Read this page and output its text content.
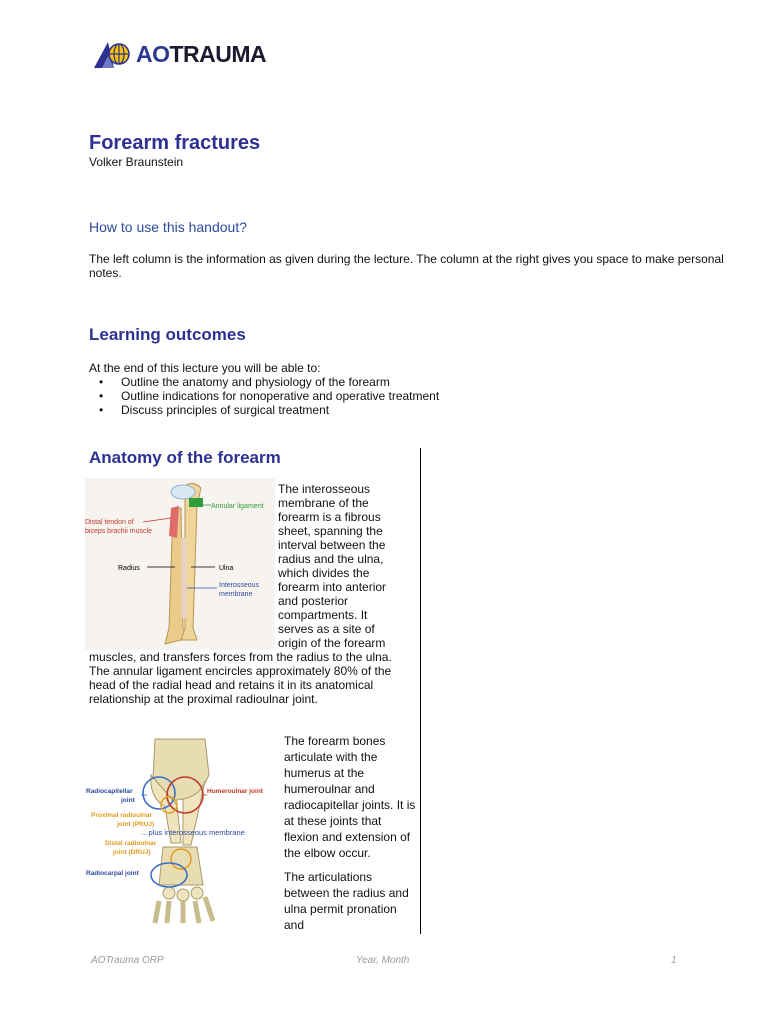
AOTRAUMA
Forearm fractures
Volker Braunstein
How to use this handout?
The left column is the information as given during the lecture. The column at the right gives you space to make personal notes.
Learning outcomes
At the end of this lecture you will be able to:
• Outline the anatomy and physiology of the forearm
• Outline indications for nonoperative and operative treatment
• Discuss principles of surgical treatment
Anatomy of the forearm
Annular ligament
Distal tendon of
biceps brachii muscle
Radius	Ulna
Interosseous
membrane
The interosseous membrane of the forearm is a fibrous sheet, spanning the interval between the radius and the ulna, which divides the forearm into anterior and posterior compartments. It serves as a site of origin of the forearm
muscles, and transfers forces from the radius to the ulna.
The annular ligament encircles approximately 80% of the head of the radial head and retains it in its anatomical relationship at the proximal radioulnar joint.
Radiocapitellar
joint
Humeroulnar joint
Proximal radioulnar
joint (PRUJ)
…plus interosseous membrane
Distal radioulnar
joint (DRUJ)
Radiocarpal joint
The forearm bones articulate with the humerus at the humeroulnar and radiocapitellar joints. It is at these joints that flexion and extension of the elbow occur.
The articulations between the radius and ulna permit pronation and
AOTrauma ORP	Year, Month	1
